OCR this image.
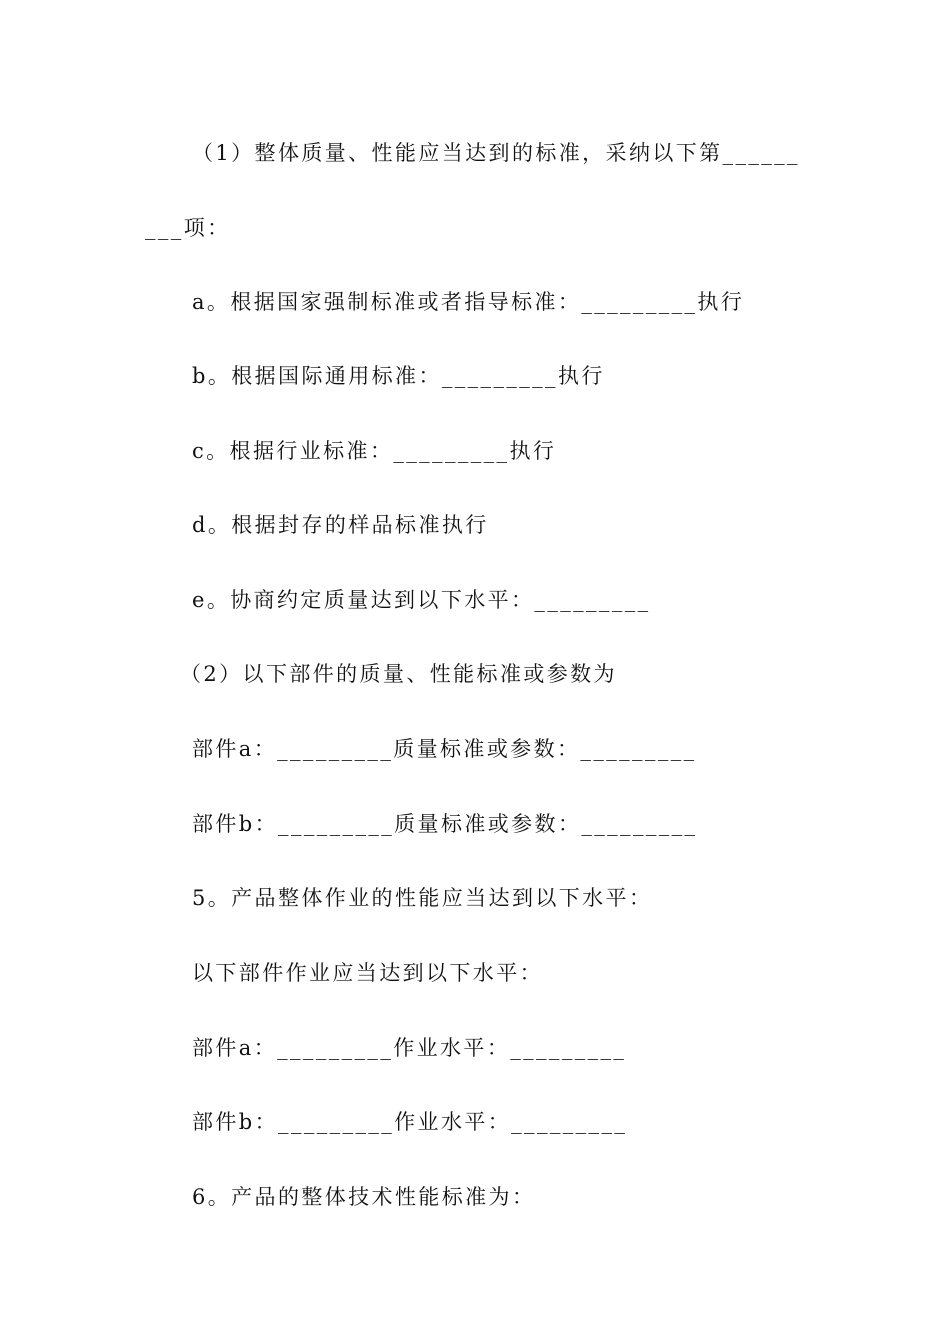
（1）整体质量、性能应当达到的标准，采纳以下第______
___项：
a。根据国家强制标准或者指导标准：_________执行
b。根据国际通用标准：_________执行
c。根据行业标准：_________执行
d。根据封存的样品标准执行
e。协商约定质量达到以下水平：_________
（2）以下部件的质量、性能标准或参数为
部件a：_________质量标准或参数：_________
部件b：_________质量标准或参数：_________
5。产品整体作业的性能应当达到以下水平：
以下部件作业应当达到以下水平：
部件a：_________作业水平：_________
部件b：_________作业水平：_________
6。产品的整体技术性能标准为：
